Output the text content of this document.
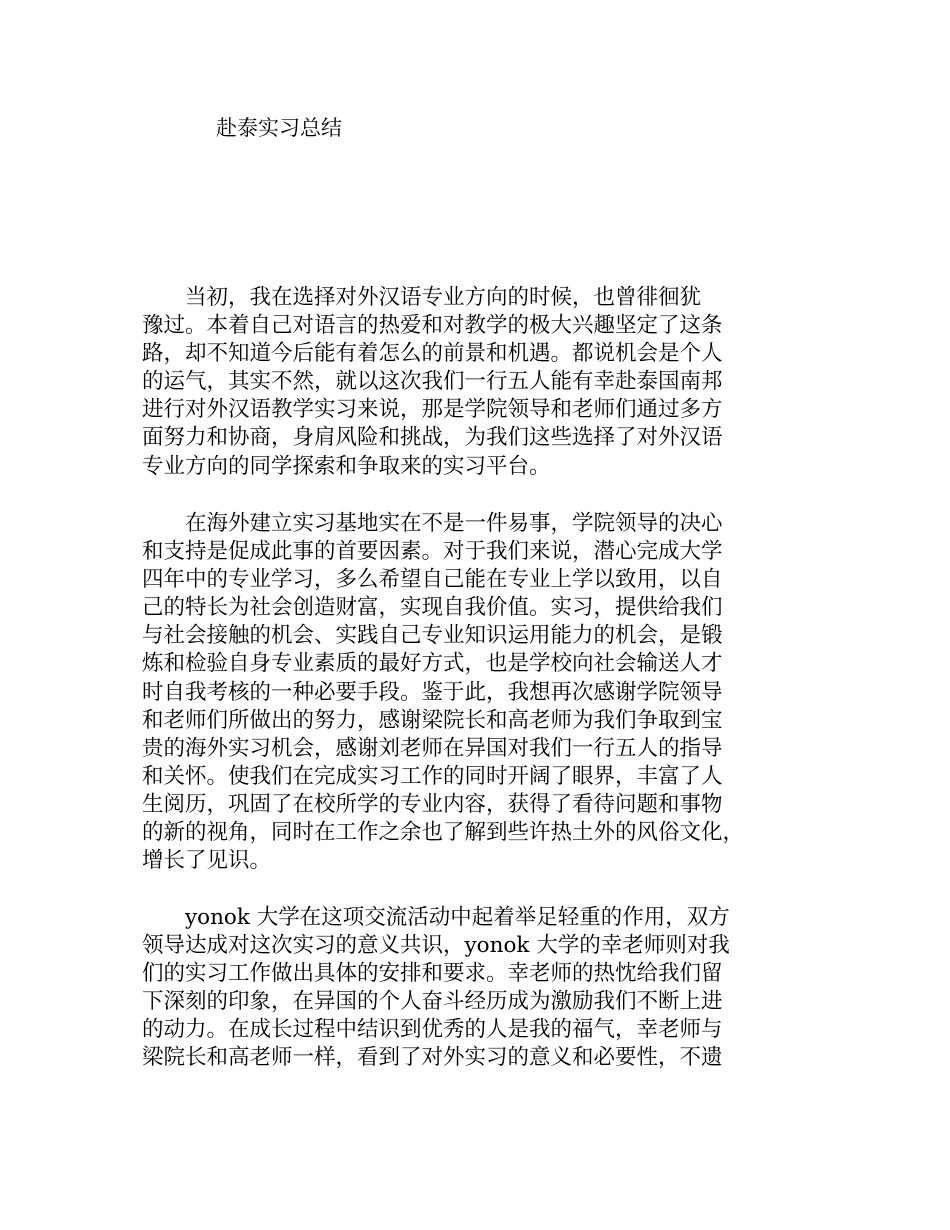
赴泰实习总结
　　当初，我在选择对外汉语专业方向的时候，也曾徘徊犹
豫过。本着自己对语言的热爱和对教学的极大兴趣坚定了这条
路，却不知道今后能有着怎么的前景和机遇。都说机会是个人
的运气，其实不然，就以这次我们一行五人能有幸赴泰国南邦
进行对外汉语教学实习来说，那是学院领导和老师们通过多方
面努力和协商，身肩风险和挑战，为我们这些选择了对外汉语
专业方向的同学探索和争取来的实习平台。
　　在海外建立实习基地实在不是一件易事，学院领导的决心
和支持是促成此事的首要因素。对于我们来说，潜心完成大学
四年中的专业学习，多么希望自己能在专业上学以致用，以自
己的特长为社会创造财富，实现自我价值。实习，提供给我们
与社会接触的机会、实践自己专业知识运用能力的机会，是锻
炼和检验自身专业素质的最好方式，也是学校向社会输送人才
时自我考核的一种必要手段。鉴于此，我想再次感谢学院领导
和老师们所做出的努力，感谢梁院长和高老师为我们争取到宝
贵的海外实习机会，感谢刘老师在异国对我们一行五人的指导
和关怀。使我们在完成实习工作的同时开阔了眼界，丰富了人
生阅历，巩固了在校所学的专业内容，获得了看待问题和事物
的新的视角，同时在工作之余也了解到些许热土外的风俗文化，
增长了见识。
　　yonok 大学在这项交流活动中起着举足轻重的作用，双方
领导达成对这次实习的意义共识，yonok 大学的幸老师则对我
们的实习工作做出具体的安排和要求。幸老师的热忱给我们留
下深刻的印象，在异国的个人奋斗经历成为激励我们不断上进
的动力。在成长过程中结识到优秀的人是我的福气，幸老师与
梁院长和高老师一样，看到了对外实习的意义和必要性，不遗
